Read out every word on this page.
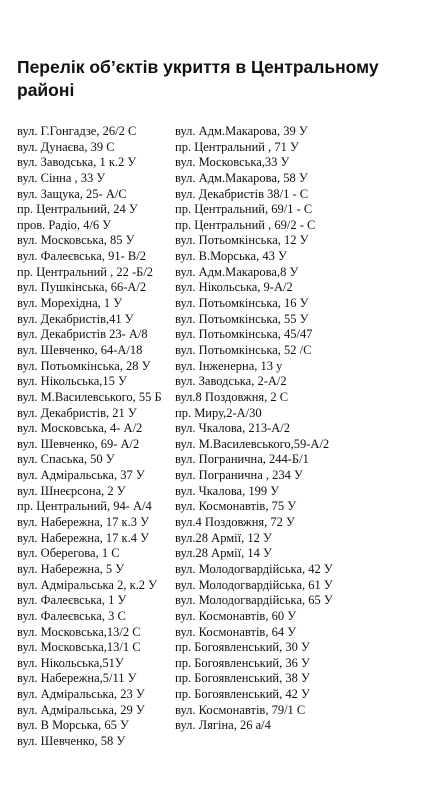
Перелік об’єктів укриття в Центральному районі
вул. Г.Гонгадзе, 26/2 С
вул. Дунаєва, 39 С
вул. Заводська, 1 к.2 У
вул. Сінна , 33 У
вул. Защука, 25- А/С
пр. Центральний, 24 У
пров. Радіо, 4/6 У
вул. Московська, 85 У
вул. Фалеєвська, 91- В/2
пр. Центральний , 22 -Б/2
вул. Пушкінська, 66-А/2
вул. Морехідна, 1 У
вул. Декабристів,41 У
вул. Декабристів 23- А/8
вул. Шевченко, 64-А/18
вул. Потьомкінська, 28 У
вул. Нікольська,15 У
вул. М.Василевського, 55 Б
вул. Декабристів, 21 У
вул. Московська, 4- А/2
вул. Шевченко, 69- А/2
вул. Спаська, 50 У
вул. Адміральська, 37 У
вул. Шнеєрсона, 2 У
пр. Центральний, 94- А/4
вул. Набережна, 17 к.3 У
вул. Набережна, 17 к.4 У
вул. Оберегова, 1 С
вул. Набережна, 5 У
вул. Адміральська 2, к.2 У
вул. Фалеєвська, 1 У
вул. Фалеєвська, 3 С
вул. Московська,13/2 С
вул. Московська,13/1 С
вул. Нікольська,51У
вул. Набережна,5/11 У
вул. Адміральська, 23 У
вул. Адміральська, 29 У
вул. В Морська, 65 У
вул. Шевченко, 58 У
вул. Адм.Макарова, 39 У
пр. Центральний , 71 У
вул. Московська,33 У
вул. Адм.Макарова, 58 У
вул. Декабристів 38/1 - С
пр. Центральний, 69/1 - С
пр. Центральний , 69/2 - С
вул. Потьомкінська, 12 У
вул. В.Морська, 43 У
вул. Адм.Макарова,8 У
вул. Нікольська, 9-А/2
вул. Потьомкінська, 16 У
вул. Потьомкінська, 55 У
вул. Потьомкінська, 45/47
вул. Потьомкінська, 52 /С
вул. Інженерна, 13 у
вул. Заводська, 2-А/2
вул.8 Поздовжня, 2 С
пр. Миру,2-А/30
вул. Чкалова, 213-А/2
вул. М.Василевського,59-А/2
вул. Погранична, 244-Б/1
вул. Погранична , 234 У
вул. Чкалова, 199 У
вул. Космонавтів, 75 У
вул.4 Поздовжня, 72 У
вул.28 Армії, 12 У
вул.28 Армії, 14 У
вул. Молодогвардійська, 42 У
вул. Молодогвардійська, 61 У
вул. Молодогвардійська, 65 У
вул. Космонавтів, 60 У
вул. Космонавтів, 64 У
пр. Богоявленський, 30 У
пр. Богоявленський, 36 У
пр. Богоявленський, 38 У
пр. Богоявленський, 42 У
вул. Космонавтів, 79/1 С
вул. Лягіна, 26 а/4
